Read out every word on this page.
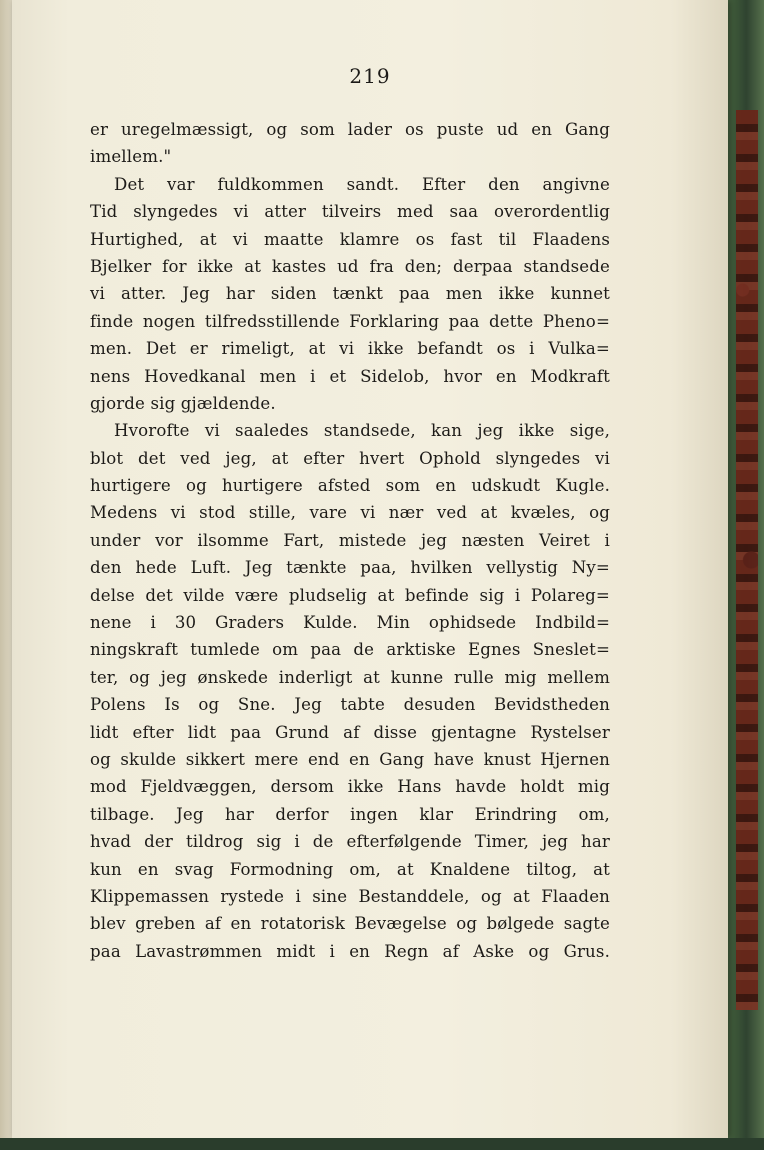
219
er uregelmæssigt, og som lader os puste ud en Gang
imellem."
Det var fuldkommen sandt. Efter den angivne
Tid slyngedes vi atter tilveirs med saa overordentlig
Hurtighed, at vi maatte klamre os fast til Flaadens
Bjelker for ikke at kastes ud fra den; derpaa standsede
vi atter. Jeg har siden tænkt paa men ikke kunnet
finde nogen tilfredsstillende Forklaring paa dette Pheno=
men. Det er rimeligt, at vi ikke befandt os i Vulka=
nens Hovedkanal men i et Sidelob, hvor en Modkraft
gjorde sig gjældende.
Hvorofte vi saaledes standsede, kan jeg ikke sige,
blot det ved jeg, at efter hvert Ophold slyngedes vi
hurtigere og hurtigere afsted som en udskudt Kugle.
Medens vi stod stille, vare vi nær ved at kvæles, og
under vor ilsomme Fart, mistede jeg næsten Veiret i
den hede Luft. Jeg tænkte paa, hvilken vellystig Ny=
delse det vilde være pludselig at befinde sig i Polareg=
nene i 30 Graders Kulde. Min ophidsede Indbild=
ningskraft tumlede om paa de arktiske Egnes Sneslet=
ter, og jeg ønskede inderligt at kunne rulle mig mellem
Polens Is og Sne. Jeg tabte desuden Bevidstheden
lidt efter lidt paa Grund af disse gjentagne Rystelser
og skulde sikkert mere end en Gang have knust Hjernen
mod Fjeldvæggen, dersom ikke Hans havde holdt mig
tilbage. Jeg har derfor ingen klar Erindring om,
hvad der tildrog sig i de efterfølgende Timer, jeg har
kun en svag Formodning om, at Knaldene tiltog, at
Klippemassen rystede i sine Bestanddele, og at Flaaden
blev greben af en rotatorisk Bevægelse og bølgede sagte
paa Lavastrømmen midt i en Regn af Aske og Grus.
